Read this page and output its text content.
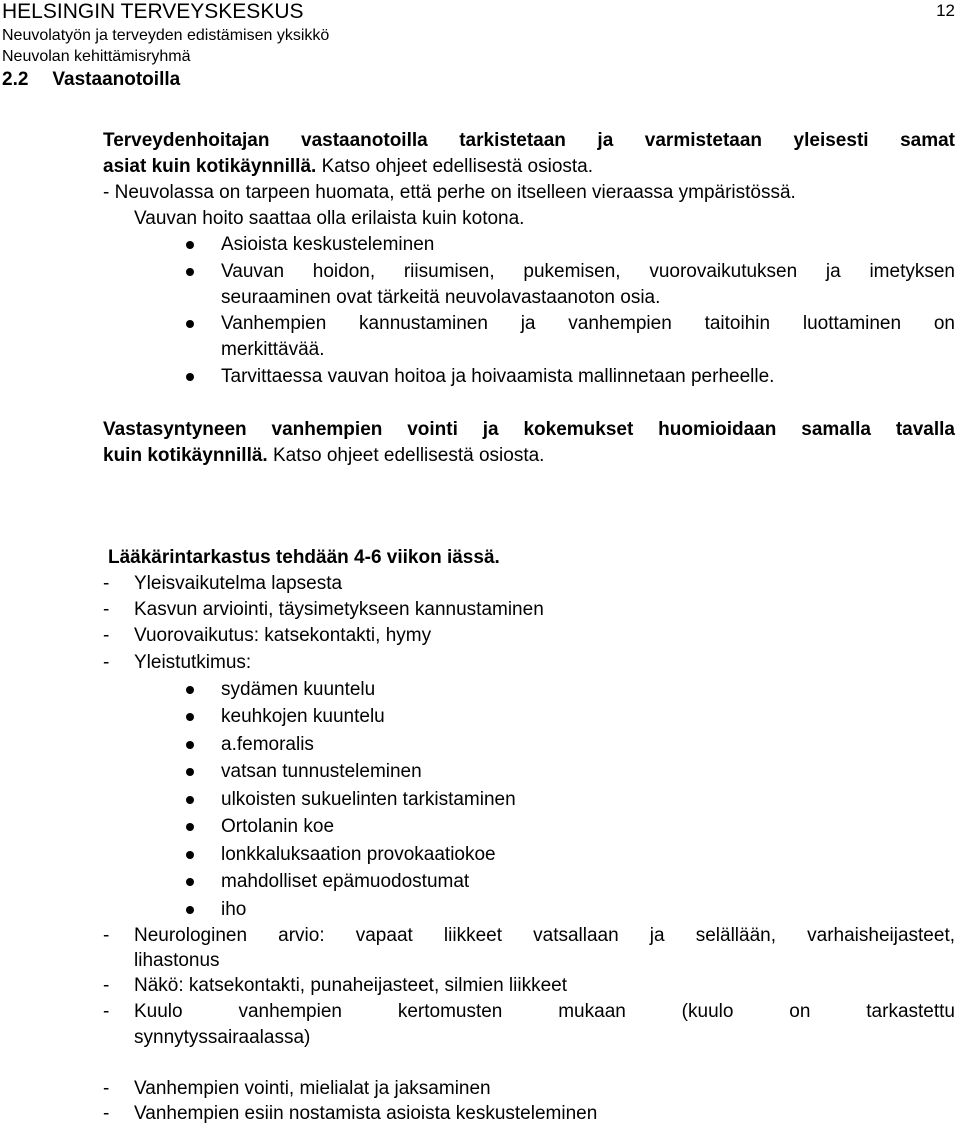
HELSINGIN TERVEYSKESKUS
Neuvolatyön ja terveyden edistämisen yksikkö
Neuvolan kehittämisryhmä
12
2.2 Vastaanotoilla
Terveydenhoitajan vastaanotoilla tarkistetaan ja varmistetaan yleisesti samat
asiat kuin kotikäynnillä. Katso ohjeet edellisestä osiosta.
- Neuvolassa on tarpeen huomata, että perhe on itselleen vieraassa ympäristössä.
Vauvan hoito saattaa olla erilaista kuin kotona.
Asioista keskusteleminen
Vauvan hoidon, riisumisen, pukemisen, vuorovaikutuksen ja imetyksen
seuraaminen ovat tärkeitä neuvolavastaanoton osia.
Vanhempien kannustaminen ja vanhempien taitoihin luottaminen on
merkittävää.
Tarvittaessa vauvan hoitoa ja hoivaamista mallinnetaan perheelle.
Vastasyntyneen vanhempien vointi ja kokemukset huomioidaan samalla tavalla
kuin kotikäynnillä. Katso ohjeet edellisestä osiosta.
Lääkärintarkastus tehdään 4-6 viikon iässä.
- Yleisvaikutelma lapsesta
- Kasvun arviointi, täysimetykseen kannustaminen
- Vuorovaikutus: katsekontakti, hymy
- Yleistutkimus:
sydämen kuuntelu
keuhkojen kuuntelu
a.femoralis
vatsan tunnusteleminen
ulkoisten sukuelinten tarkistaminen
Ortolanin koe
lonkkaluksaation provokaatiokoe
mahdolliset epämuodostumat
iho
- Neurologinen arvio: vapaat liikkeet vatsallaan ja selällään, varhaisheijasteet,
lihastonus
- Näkö: katsekontakti, punaheijasteet, silmien liikkeet
- Kuulo vanhempien kertomusten mukaan (kuulo on tarkastettu
synnytyssairaalassa)
- Vanhempien vointi, mielialat ja jaksaminen
- Vanhempien esiin nostamista asioista keskusteleminen
